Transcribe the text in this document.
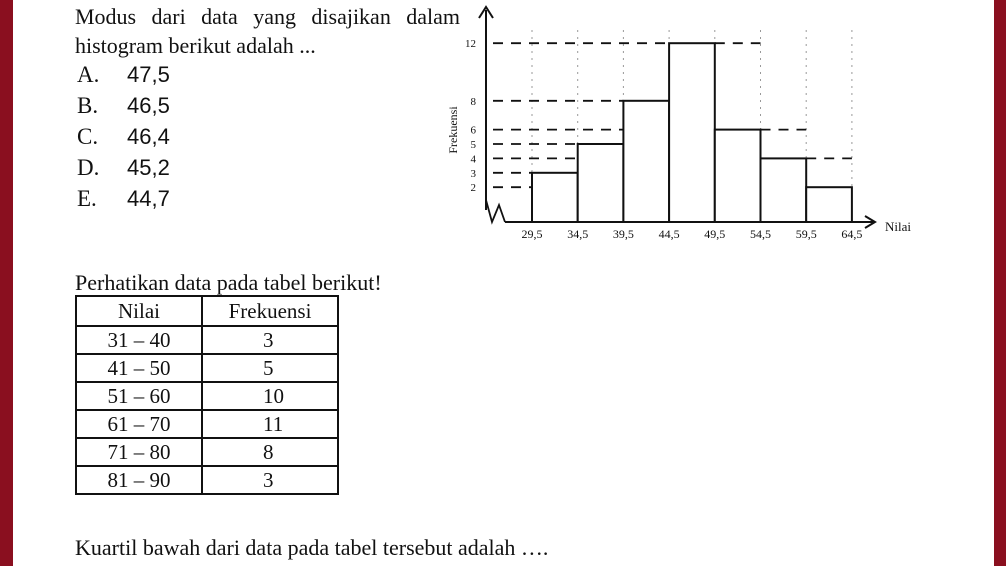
Modus dari data yang disajikan dalam histogram berikut adalah ...
A.	47,5
B.	46,5
C.	46,4
D.	45,2
E.	44,7	2
3
4
5
6
8
12
29,5 34,5 39,5 44,5 49,5 54,5 59,5 64,5
Frekuensi
Nilai
Perhatikan data pada tabel berikut!
Nilai	Frekuensi
31 – 40	3
41 – 50	5
51 – 60	10
61 – 70	11
71 – 80	8
81 – 90	3
Kuartil bawah dari data pada tabel tersebut adalah ….
